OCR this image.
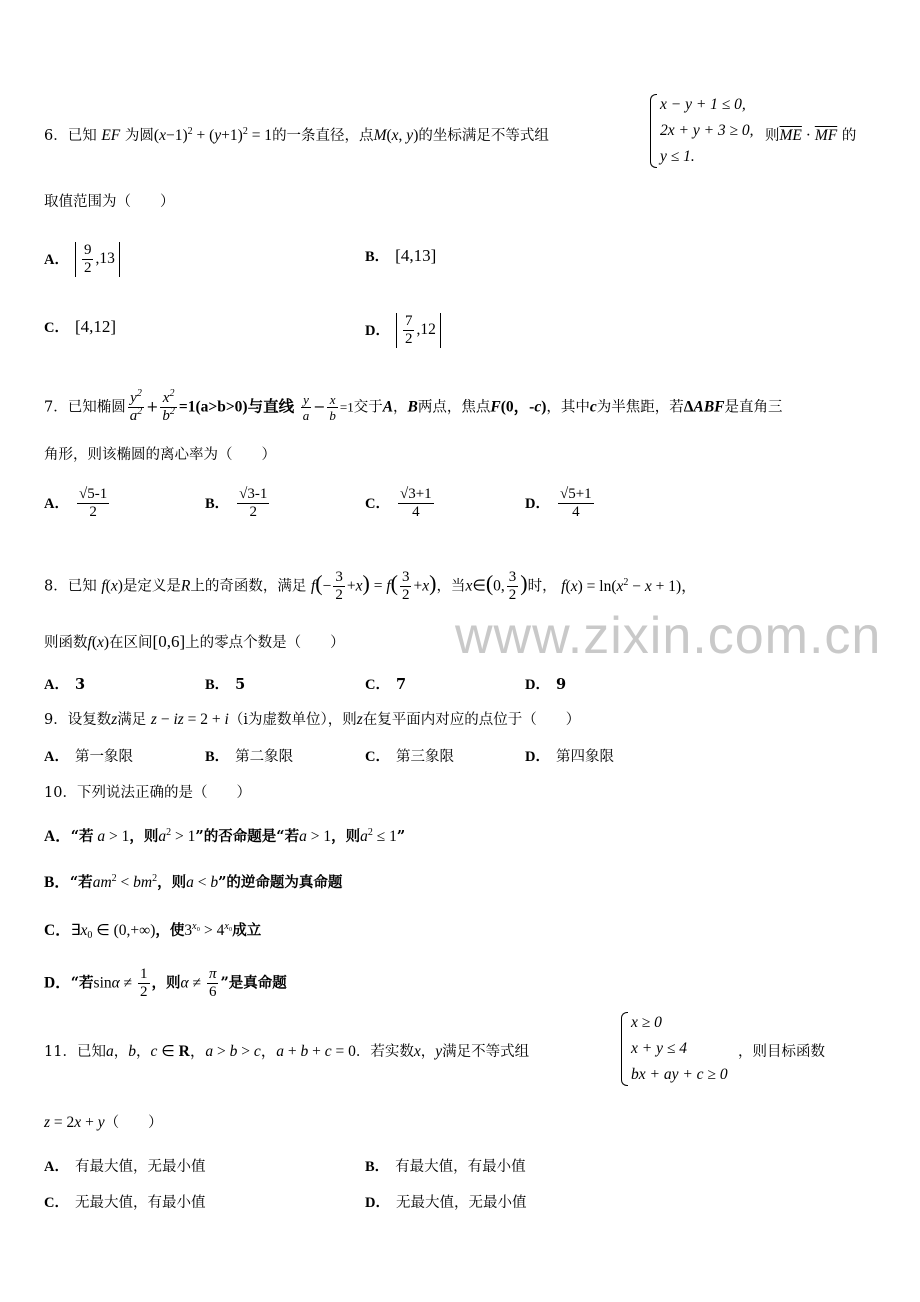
6．已知 EF 为圆$(x-1)^2 + (y+1)^2 = 1$的一条直径，点M(x, y)的坐标满足不等式组
x − y + 1 ≤ 0,
2x + y + 3 ≥ 0,
y ≤ 1.
则$\overline{ME} \cdot \overline{MF}$ 的
取值范围为（　　）
A． $\frac{9}{2} ,13$	B． [4,13]
C． [4,12]	D． $\frac{7}{2} ,12$
7．已知椭圆 $\frac{y^2}{a^2} + \frac{x^2}{b^2} =1(a>b>0)$与直线 $\frac{y}{a} - \frac{x}{b} =1$交于A，B两点，焦点F(0，-c)，其中c为半焦距，若ΔABF是直角三
角形，则该椭圆的离心率为（　　）
A． $\frac{√5-1}{2}$	B． $\frac{√3-1}{2}$	C． $\frac{√3+1}{4}$	D． $\frac{√5+1}{4}$
8．已知 f(x)是定义是R上的奇函数，满足 $f(- \frac{3}{2} +x) = f( \frac{3}{2} +x)$，当x∈(0, $\frac{3}{2}$ )时， $f(x) = \ln(x^2 - x + 1)$，
则函数f(x)在区间[0,6]上的零点个数是（　　）
A． 3	B． 5	C． 7	D． 9
9．设复数z满足 z − iz = 2 + i（i为虚数单位），则z在复平面内对应的点位于（　　）
A． 第一象限	B． 第二象限	C． 第三象限	D． 第四象限
10．下列说法正确的是（　　）
A．“若 a > 1，则$a^2 > 1$”的否命题是“若a > 1，则$a^2 \le 1$”
B．“若$am^2 < bm^2$，则a < b”的逆命题为真命题
C．$\exists x_0$ ∈ (0,+∞)，使$3^{x_0} > 4^{x_0}$成立
D．“若$\sin\alpha \ne \frac{1}{2}$ ，则$\alpha \ne \frac{\pi}{6}$ ”是真命题
11．已知a，b，c ∈ R，a > b > c，a + b + c = 0．若实数x，y满足不等式组
x ≥ 0
x + y ≤ 4
bx + ay + c ≥ 0
，则目标函数
z = 2x + y（　　）
A． 有最大值，无最小值	B． 有最大值，有最小值
C． 无最大值，有最小值	D． 无最大值，无最小值
www.zixin.com.cn
